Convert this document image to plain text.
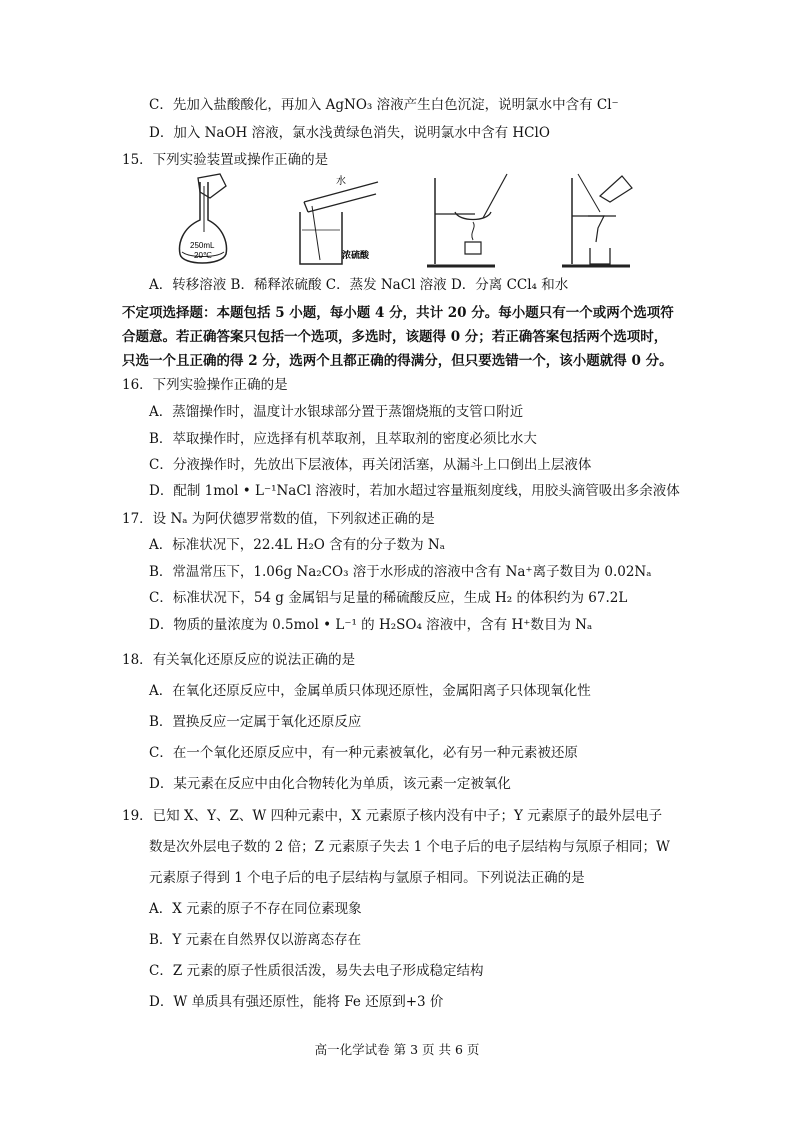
C．先加入盐酸酸化，再加入 AgNO₃ 溶液产生白色沉淀，说明氯水中含有 Cl⁻
D．加入 NaOH 溶液，氯水浅黄绿色消失，说明氯水中含有 HClO
15．下列实验装置或操作正确的是
250mL
20℃
水
浓硫酸
A．转移溶液 B．稀释浓硫酸 C．蒸发 NaCl 溶液 D．分离 CCl₄ 和水
不定项选择题：本题包括 5 小题，每小题 4 分，共计 20 分。每小题只有一个或两个选项符
合题意。若正确答案只包括一个选项，多选时，该题得 0 分；若正确答案包括两个选项时，
只选一个且正确的得 2 分，选两个且都正确的得满分，但只要选错一个，该小题就得 0 分。
16．下列实验操作正确的是
A．蒸馏操作时，温度计水银球部分置于蒸馏烧瓶的支管口附近
B．萃取操作时，应选择有机萃取剂，且萃取剂的密度必须比水大
C．分液操作时，先放出下层液体，再关闭活塞，从漏斗上口倒出上层液体
D．配制 1mol • L⁻¹NaCl 溶液时，若加水超过容量瓶刻度线，用胶头滴管吸出多余液体
17．设 Nₐ 为阿伏德罗常数的值，下列叙述正确的是
A．标准状况下，22.4L H₂O 含有的分子数为 Nₐ
B．常温常压下，1.06g Na₂CO₃ 溶于水形成的溶液中含有 Na⁺离子数目为 0.02Nₐ
C．标准状况下，54 g 金属铝与足量的稀硫酸反应，生成 H₂ 的体积约为 67.2L
D．物质的量浓度为 0.5mol • L⁻¹ 的 H₂SO₄ 溶液中，含有 H⁺数目为 Nₐ
18．有关氧化还原反应的说法正确的是
A．在氧化还原反应中，金属单质只体现还原性，金属阳离子只体现氧化性
B．置换反应一定属于氧化还原反应
C．在一个氧化还原反应中，有一种元素被氧化，必有另一种元素被还原
D．某元素在反应中由化合物转化为单质，该元素一定被氧化
19．已知 X、Y、Z、W 四种元素中，X 元素原子核内没有中子；Y 元素原子的最外层电子
数是次外层电子数的 2 倍；Z 元素原子失去 1 个电子后的电子层结构与氖原子相同；W
元素原子得到 1 个电子后的电子层结构与氩原子相同。下列说法正确的是
A．X 元素的原子不存在同位素现象
B．Y 元素在自然界仅以游离态存在
C．Z 元素的原子性质很活泼，易失去电子形成稳定结构
D．W 单质具有强还原性，能将 Fe 还原到+3 价
高一化学试卷 第 3 页 共 6 页
